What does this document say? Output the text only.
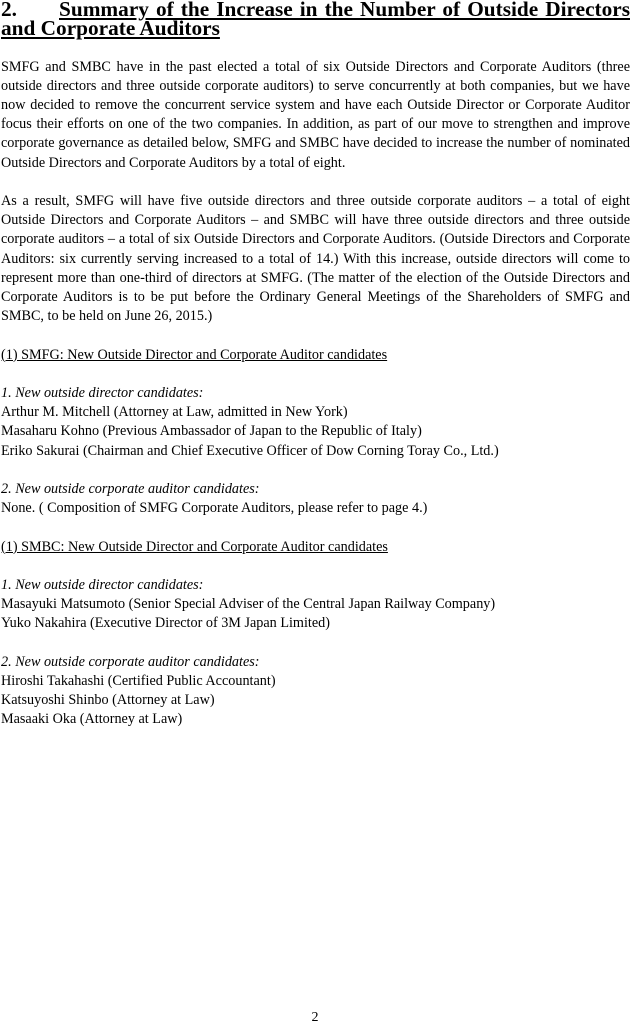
2. Summary of the Increase in the Number of Outside Directors and Corporate Auditors

SMFG and SMBC have in the past elected a total of six Outside Directors and Corporate Auditors (three outside directors and three outside corporate auditors) to serve concurrently at both companies, but we have now decided to remove the concurrent service system and have each Outside Director or Corporate Auditor focus their efforts on one of the two companies. In addition, as part of our move to strengthen and improve corporate governance as detailed below, SMFG and SMBC have decided to increase the number of nominated Outside Directors and Corporate Auditors by a total of eight.

As a result, SMFG will have five outside directors and three outside corporate auditors – a total of eight Outside Directors and Corporate Auditors – and SMBC will have three outside directors and three outside corporate auditors – a total of six Outside Directors and Corporate Auditors. (Outside Directors and Corporate Auditors: six currently serving increased to a total of 14.) With this increase, outside directors will come to represent more than one-third of directors at SMFG. (The matter of the election of the Outside Directors and Corporate Auditors is to be put before the Ordinary General Meetings of the Shareholders of SMFG and SMBC, to be held on June 26, 2015.)

(1) SMFG: New Outside Director and Corporate Auditor candidates
1. New outside director candidates:
Arthur M. Mitchell (Attorney at Law, admitted in New York)
Masaharu Kohno (Previous Ambassador of Japan to the Republic of Italy)
Eriko Sakurai (Chairman and Chief Executive Officer of Dow Corning Toray Co., Ltd.)
2. New outside corporate auditor candidates:
None. ( Composition of SMFG Corporate Auditors, please refer to page 4.)
(1) SMBC: New Outside Director and Corporate Auditor candidates
1. New outside director candidates:
Masayuki Matsumoto (Senior Special Adviser of the Central Japan Railway Company)
Yuko Nakahira (Executive Director of 3M Japan Limited)
2. New outside corporate auditor candidates:
Hiroshi Takahashi (Certified Public Accountant)
Katsuyoshi Shinbo (Attorney at Law)
Masaaki Oka (Attorney at Law)
2
